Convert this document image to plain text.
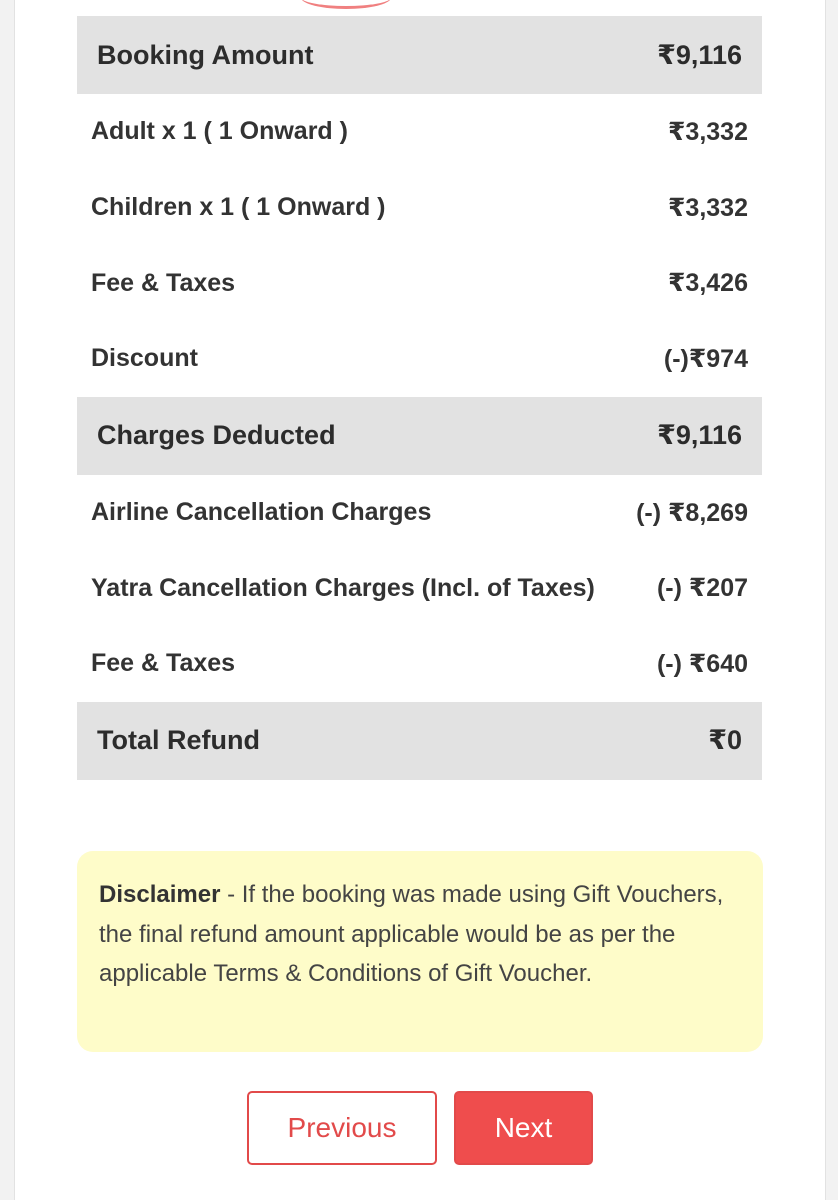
Booking Amount	₹9,116
Adult x 1 ( 1 Onward )	₹3,332
Children x 1 ( 1 Onward )	₹3,332
Fee & Taxes	₹3,426
Discount	(-)₹974
Charges Deducted	₹9,116
Airline Cancellation Charges	(-) ₹8,269
Yatra Cancellation Charges (Incl. of Taxes) (-) ₹207
Fee & Taxes	(-) ₹640
Total Refund	₹0
Disclaimer - If the booking was made using Gift Vouchers, the final refund amount applicable would be as per the applicable Terms & Conditions of Gift Voucher.
Previous	Next
